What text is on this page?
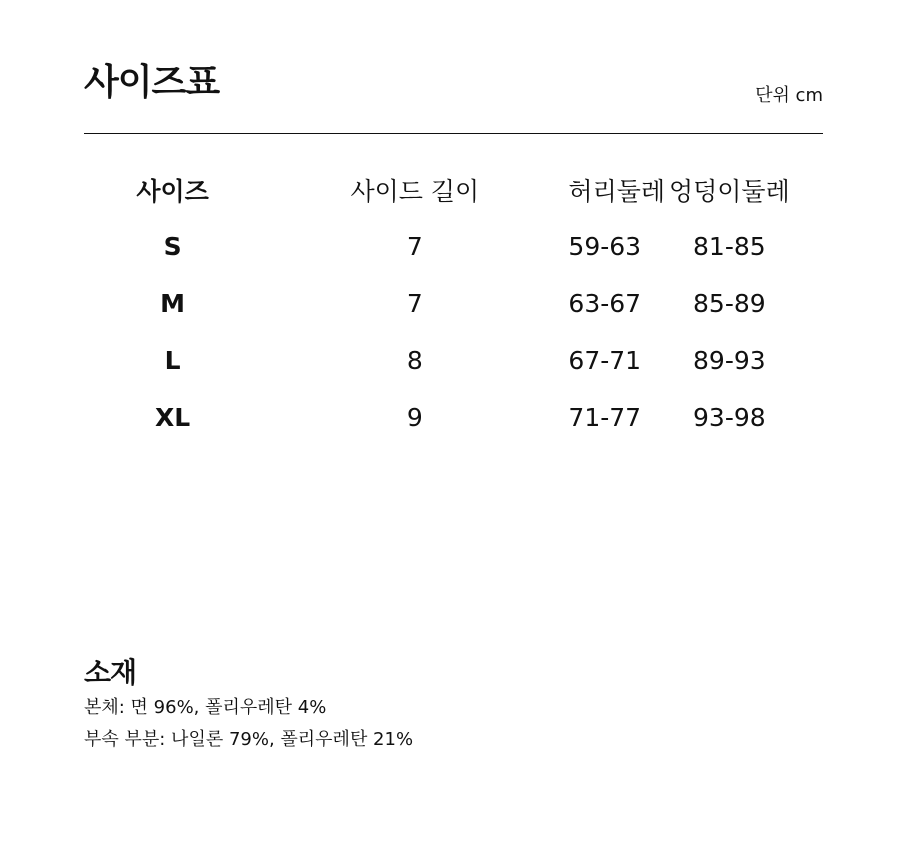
사이즈표	단위 cm
사이즈	사이드 길이	허리둘레	엉덩이둘레
S	7	59-63	81-85
M	7	63-67	85-89
L	8	67-71	89-93
XL	9	71-77	93-98
소재
본체: 면 96%, 폴리우레탄 4%
부속 부분: 나일론 79%, 폴리우레탄 21%
